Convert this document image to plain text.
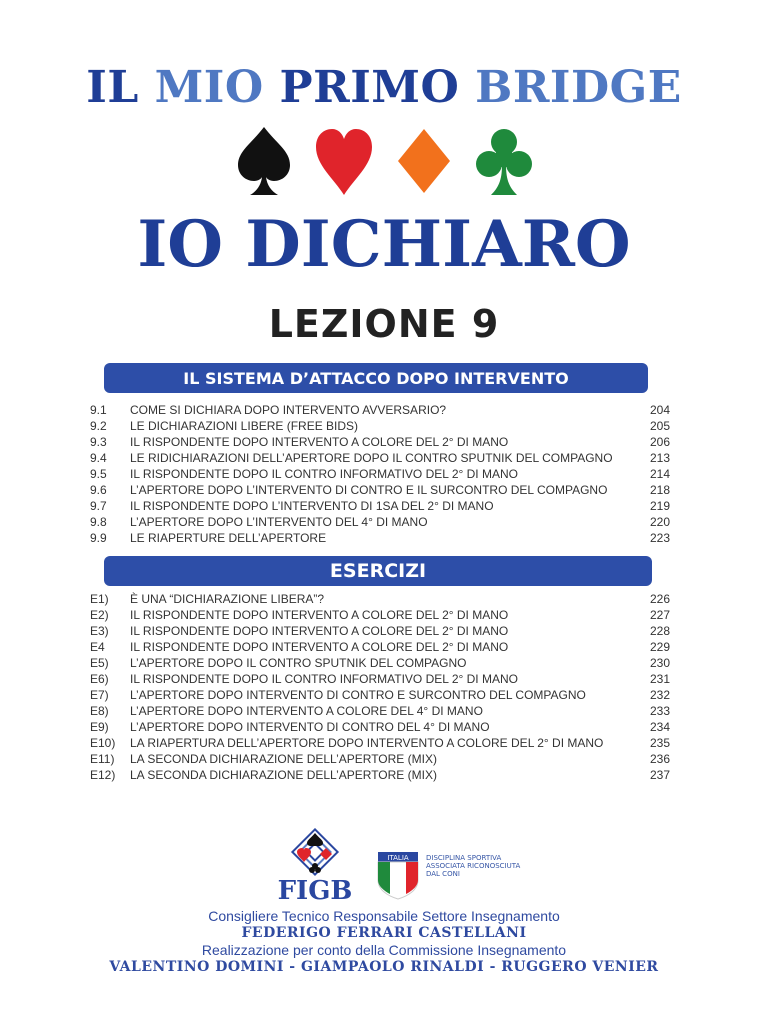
IL MIO PRIMO BRIDGE
IO DICHIARO
LEZIONE 9
IL SISTEMA D’ATTACCO DOPO INTERVENTO
9.1 COME SI DICHIARA DOPO INTERVENTO AVVERSARIO?	204
9.2 LE DICHIARAZIONI LIBERE (FREE BIDS)	205
9.3 IL RISPONDENTE DOPO INTERVENTO A COLORE DEL 2° DI MANO	206
9.4 LE RIDICHIARAZIONI DELL’APERTORE DOPO IL CONTRO SPUTNIK DEL COMPAGNO	213
9.5 IL RISPONDENTE DOPO IL CONTRO INFORMATIVO DEL 2° DI MANO	214
9.6 L’APERTORE DOPO L’INTERVENTO DI CONTRO E IL SURCONTRO DEL COMPAGNO	218
9.7 IL RISPONDENTE DOPO L’INTERVENTO DI 1SA DEL 2° DI MANO	219
9.8 L’APERTORE DOPO L’INTERVENTO DEL 4° DI MANO	220
9.9 LE RIAPERTURE DELL’APERTORE	223
ESERCIZI
E1) È UNA “DICHIARAZIONE LIBERA”?	226
E2) IL RISPONDENTE DOPO INTERVENTO A COLORE DEL 2° DI MANO	227
E3) IL RISPONDENTE DOPO INTERVENTO A COLORE DEL 2° DI MANO	228
E4 IL RISPONDENTE DOPO INTERVENTO A COLORE DEL 2° DI MANO	229
E5) L’APERTORE DOPO IL CONTRO SPUTNIK DEL COMPAGNO	230
E6) IL RISPONDENTE DOPO IL CONTRO INFORMATIVO DEL 2° DI MANO	231
E7) L’APERTORE DOPO INTERVENTO DI CONTRO E SURCONTRO DEL COMPAGNO	232
E8) L’APERTORE DOPO INTERVENTO A COLORE DEL 4° DI MANO	233
E9) L’APERTORE DOPO INTERVENTO DI CONTRO DEL 4° DI MANO	234
E10) LA RIAPERTURA DELL’APERTORE DOPO INTERVENTO A COLORE DEL 2° DI MANO	235
E11) LA SECONDA DICHIARAZIONE DELL’APERTORE (MIX)	236
E12) LA SECONDA DICHIARAZIONE DELL’APERTORE (MIX)	237
FIGB
ITALIA DISCIPLINA SPORTIVA
ASSOCIATA RICONOSCIUTA
DAL CONI
Consigliere Tecnico Responsabile Settore Insegnamento
FEDERIGO FERRARI CASTELLANI
Realizzazione per conto della Commissione Insegnamento
VALENTINO DOMINI - GIAMPAOLO RINALDI - RUGGERO VENIER
